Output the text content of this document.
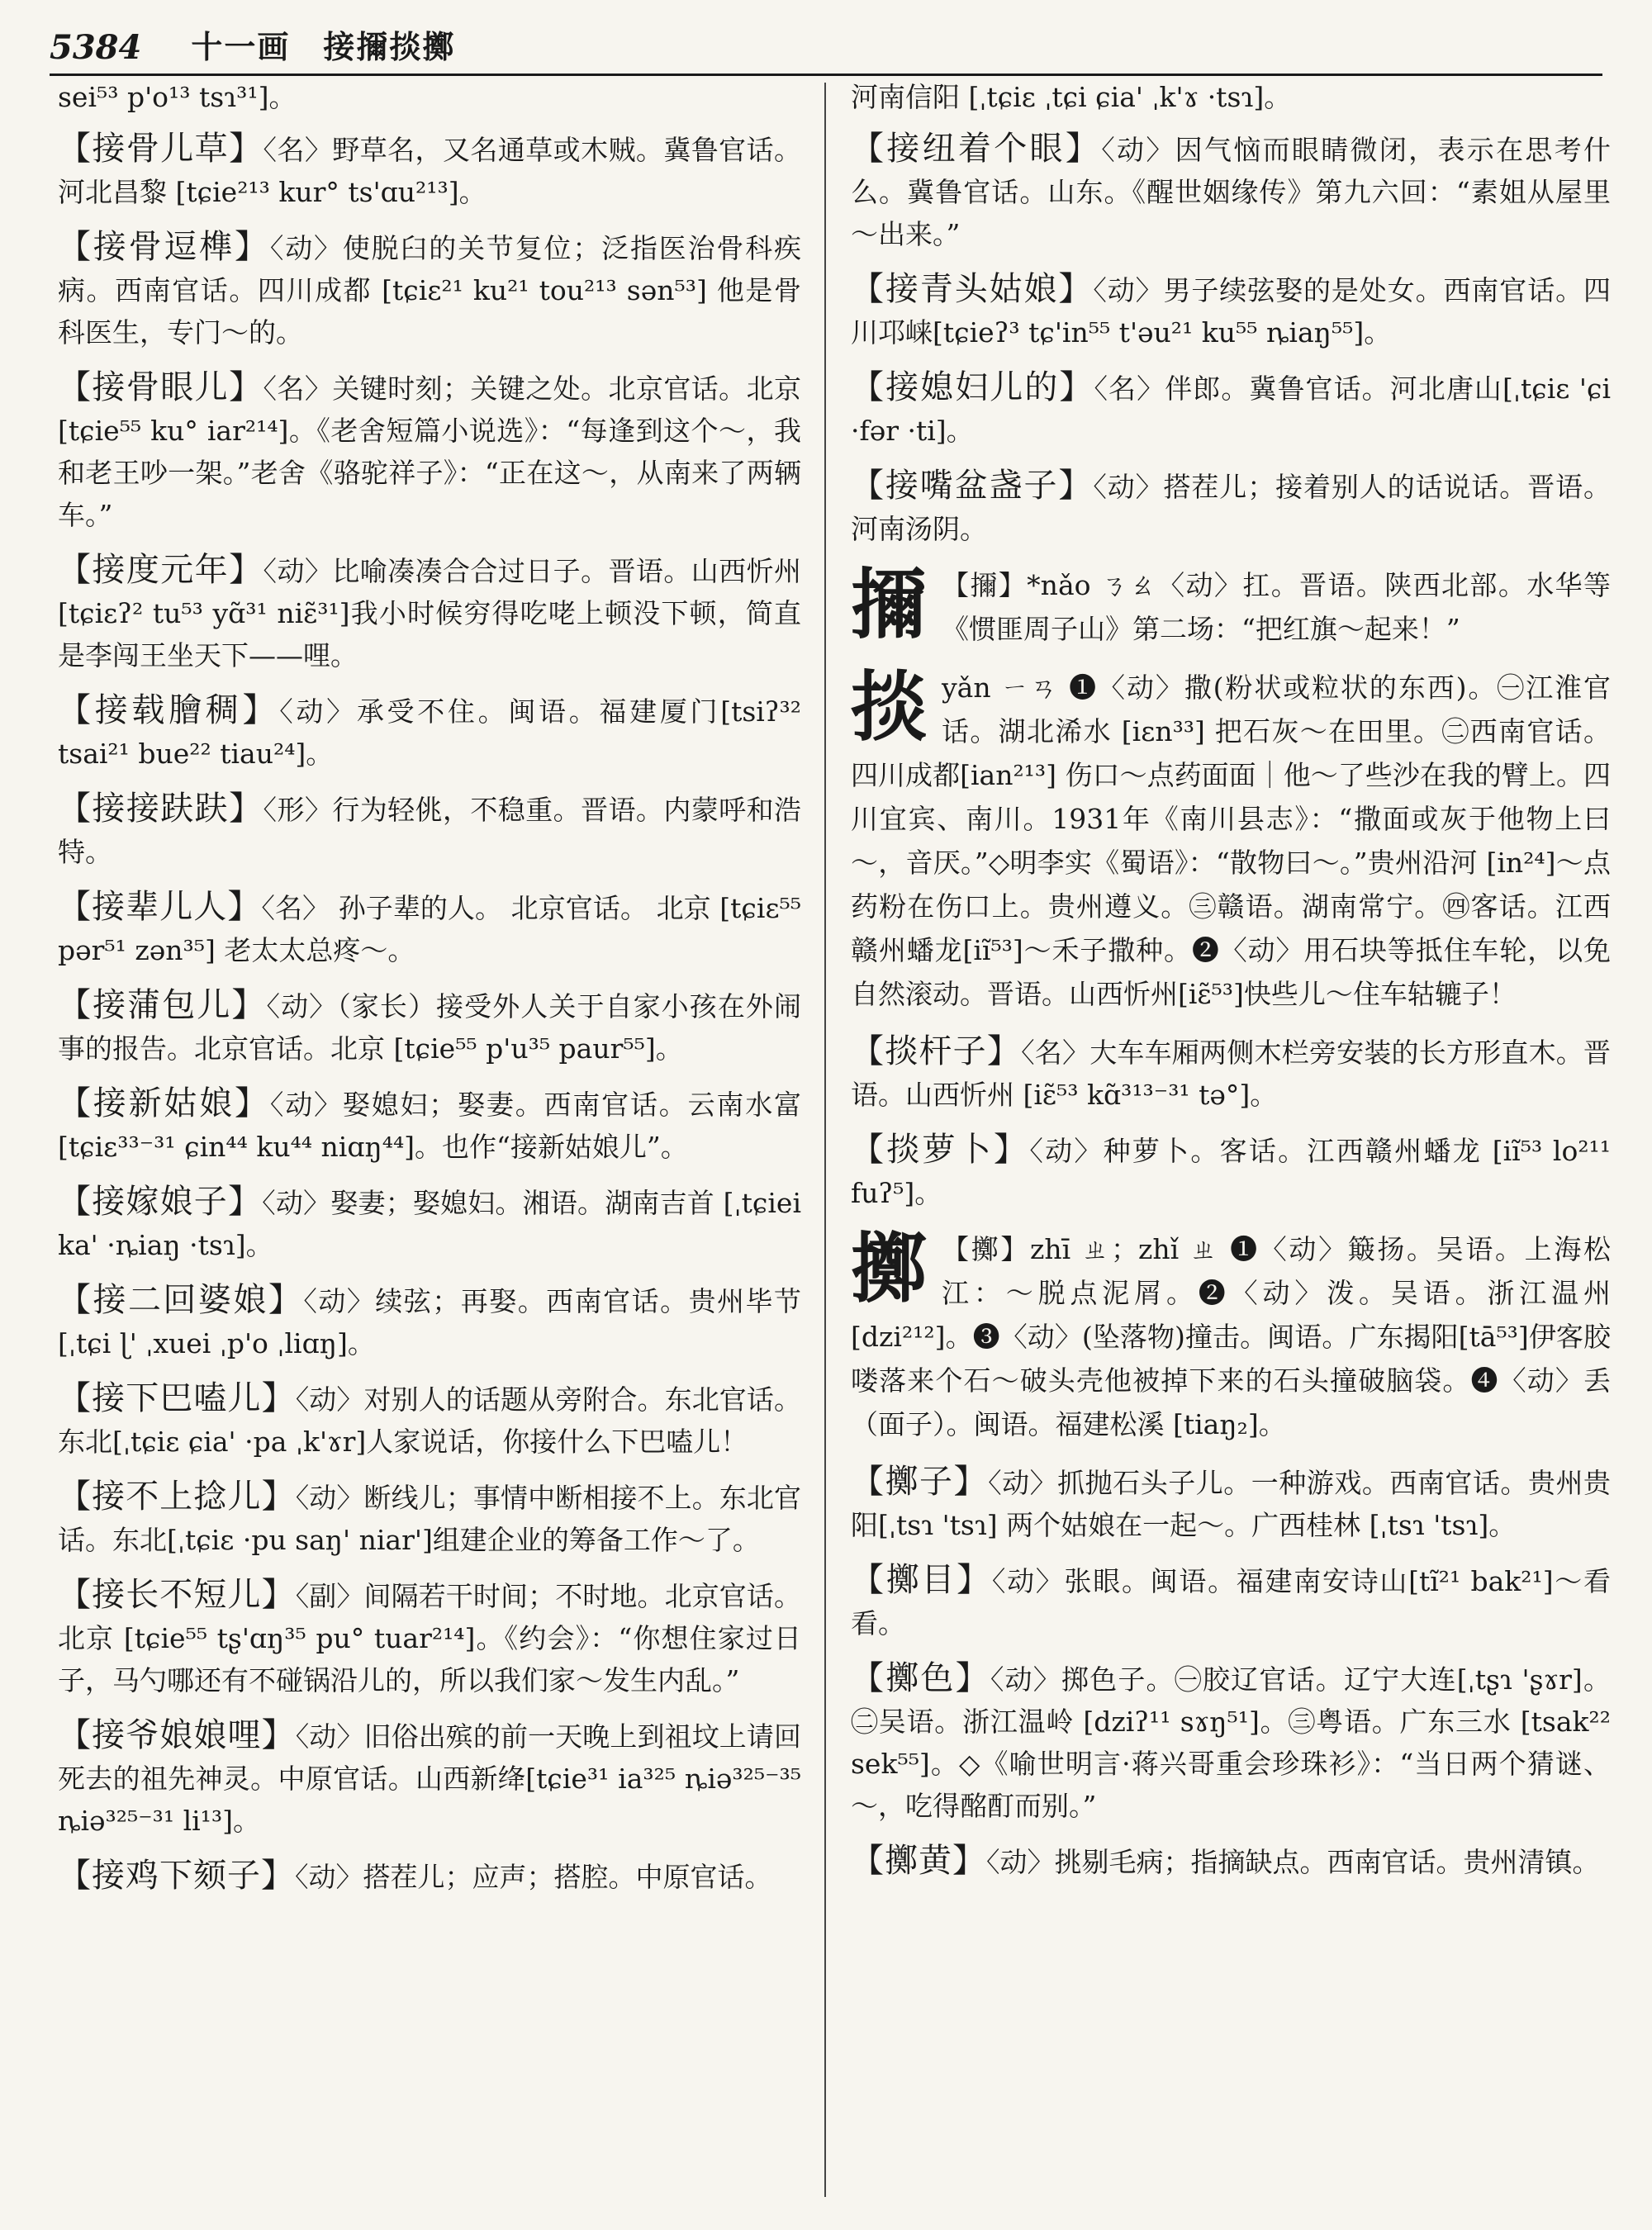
5384 十一画　接擟掞擲

sei⁵³ p'o¹³ tsɿ³¹]。

【接骨儿草】〈名〉野草名，又名通草或木贼。冀鲁官话。河北昌黎 [tɕie²¹³ kur° ts'ɑu²¹³]。

【接骨逗榫】〈动〉使脱臼的关节复位；泛指医治骨科疾病。西南官话。四川成都 [tɕiɛ²¹ ku²¹ tou²¹³ sən⁵³] 他是骨科医生，专门～的。

【接骨眼儿】〈名〉关键时刻；关键之处。北京官话。北京 [tɕie⁵⁵ ku° iar²¹⁴]。《老舍短篇小说选》：“每逢到这个～，我和老王吵一架。”老舍《骆驼祥子》：“正在这～，从南来了两辆车。”

【接度元年】〈动〉比喻凑凑合合过日子。晋语。山西忻州[tɕiɛʔ² tu⁵³ yɑ̃³¹ niɛ̃³¹]我小时候穷得吃咾上顿没下顿，简直是李闯王坐天下——哩。

【接载膾稠】〈动〉承受不住。闽语。福建厦门[tsiʔ³² tsai²¹ bue²² tiau²⁴]。

【接接趺趺】〈形〉行为轻佻，不稳重。晋语。内蒙呼和浩特。

【接辈儿人】〈名〉 孙子辈的人。 北京官话。 北京 [tɕiɛ⁵⁵ pər⁵¹ zən³⁵] 老太太总疼～。

【接蒲包儿】〈动〉（家长）接受外人关于自家小孩在外闹事的报告。北京官话。北京 [tɕie⁵⁵ p'u³⁵ paur⁵⁵]。

【接新姑娘】〈动〉娶媳妇；娶妻。西南官话。云南水富 [tɕiɛ³³⁻³¹ ɕin⁴⁴ ku⁴⁴ niɑŋ⁴⁴]。也作“接新姑娘儿”。

【接嫁娘子】〈动〉娶妻；娶媳妇。湘语。湖南吉首 [ˌtɕiei ka' ·ȵiaŋ ·tsɿ]。

【接二回婆娘】〈动〉续弦；再娶。西南官话。贵州毕节 [ˌtɕi ɭ' ˌxuei ˌp'o ˌliɑŋ]。

【接下巴嗑儿】〈动〉对别人的话题从旁附合。东北官话。东北[ˌtɕiɛ ɕia' ·pa ˌk'ɤr]人家说话，你接什么下巴嗑儿！

【接不上捻儿】〈动〉断线儿；事情中断相接不上。东北官话。东北[ˌtɕiɛ ·pu saŋ' niar']组建企业的筹备工作～了。

【接长不短儿】〈副〉间隔若干时间；不时地。北京官话。北京 [tɕie⁵⁵ tʂ'ɑŋ³⁵ pu° tuar²¹⁴]。《约会》：“你想住家过日子，马勺哪还有不碰锅沿儿的，所以我们家～发生内乱。”

【接爷娘娘哩】〈动〉旧俗出殡的前一天晚上到祖坟上请回死去的祖先神灵。中原官话。山西新绛[tɕie³¹ ia³²⁵ ȵiə³²⁵⁻³⁵ ȵiə³²⁵⁻³¹ li¹³]。

【接鸡下颏子】〈动〉搭茬儿；应声；搭腔。中原官话。

河南信阳 [ˌtɕiɛ ˌtɕi ɕia' ˌk'ɤ ·tsɿ]。

【接纽着个眼】〈动〉因气恼而眼睛微闭，表示在思考什么。冀鲁官话。山东。《醒世姻缘传》第九六回：“素姐从屋里～出来。”

【接青头姑娘】〈动〉男子续弦娶的是处女。西南官话。四川邛崃[tɕieʔ³ tɕ'in⁵⁵ t'əu²¹ ku⁵⁵ ȵiaŋ⁵⁵]。

【接媳妇儿的】〈名〉伴郎。冀鲁官话。河北唐山[ˌtɕiɛ 'ɕi ·fər ·ti]。

【接嘴盆盏子】〈动〉搭茬儿；接着别人的话说话。晋语。河南汤阴。

擟 【擟】*nǎo ㄋㄠ〈动〉扛。晋语。陕西北部。水华等《惯匪周子山》第二场：“把红旗～起来！”
掞 yǎn ㄧㄢ ❶〈动〉撒(粉状或粒状的东西)。㊀江淮官话。湖北浠水 [iɛn³³] 把石灰～在田里。㊁西南官话。四川成都[ian²¹³] 伤口～点药面面｜他～了些沙在我的臂上。四川宜宾、南川。1931年《南川县志》：“撒面或灰于他物上曰～，音厌。”◇明李实《蜀语》：“散物曰～。”贵州沿河 [in²⁴]～点药粉在伤口上。贵州遵义。㊂赣语。湖南常宁。㊃客话。江西赣州蟠龙[iĩ⁵³]～禾子撒种。❷〈动〉用石块等抵住车轮，以免自然滚动。晋语。山西忻州[iɛ̃⁵³]快些儿～住车轱辘子！

【掞杆子】〈名〉大车车厢两侧木栏旁安装的长方形直木。晋语。山西忻州 [iɛ̃⁵³ kɑ̃³¹³⁻³¹ tə°]。

【掞萝卜】〈动〉种萝卜。客话。江西赣州蟠龙 [iĩ⁵³ lo²¹¹ fuʔ⁵]。

擲 【擲】zhī ㄓ；zhǐ ㄓ ❶〈动〉簸扬。吴语。上海松江：～脱点泥屑。❷〈动〉泼。吴语。浙江温州[dzi²¹²]。❸〈动〉(坠落物)撞击。闽语。广东揭阳[tā⁵³]伊客胶喽落来个石～破头壳他被掉下来的石头撞破脑袋。❹〈动〉丢（面子）。闽语。福建松溪 [tiaŋ₂]。

【擲子】〈动〉抓抛石头子儿。一种游戏。西南官话。贵州贵阳[ˌtsɿ 'tsɿ] 两个姑娘在一起～。广西桂林 [ˌtsɿ 'tsɿ]。

【擲目】〈动〉张眼。闽语。福建南安诗山[tĩ²¹ bak²¹]～看看。

【擲色】〈动〉掷色子。㊀胶辽官话。辽宁大连[ˌtʂɿ 'ʂɤr]。㊁吴语。浙江温岭 [dziʔ¹¹ sɤŋ⁵¹]。㊂粤语。广东三水 [tsak²² sek⁵⁵]。◇《喻世明言·蒋兴哥重会珍珠衫》：“当日两个猜谜、～，吃得酩酊而别。”

【擲黄】〈动〉挑剔毛病；指摘缺点。西南官话。贵州清镇。
